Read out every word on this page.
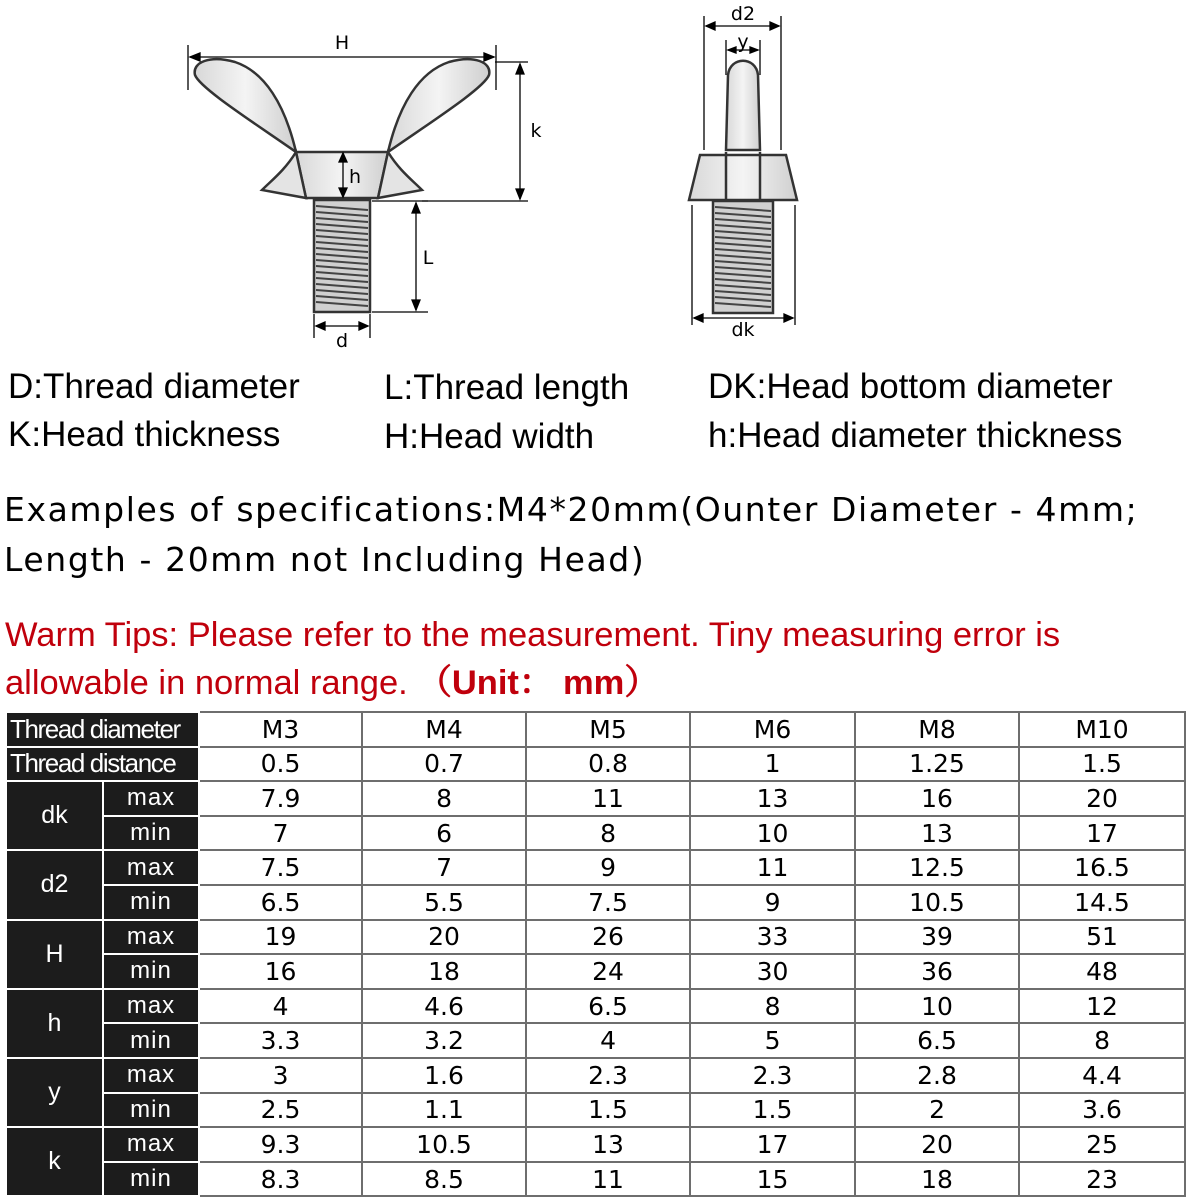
H
k
h
L
d
d2
y
dk
D:Thread diameter
K:Head thickness
L:Thread length
H:Head width
DK:Head bottom diameter
h:Head diameter thickness
Examples of specifications:M4*20mm(Ounter Diameter - 4mm;
Length - 20mm not Including Head)
Warm Tips: Please refer to the measurement. Tiny measuring error is
allowable in normal range. （Unit： mm）
Thread diameter		M3	M4	M5	M6	M8	M10
Thread distance		0.5	0.7	0.8	1	1.25	1.5
dk	max	7.9	8	11	13	16	20
	min	7	6	8	10	13	17
d2	max	7.5	7	9	11	12.5	16.5
	min	6.5	5.5	7.5	9	10.5	14.5
H	max	19	20	26	33	39	51
	min	16	18	24	30	36	48
h	max	4	4.6	6.5	8	10	12
	min	3.3	3.2	4	5	6.5	8
y	max	3	1.6	2.3	2.3	2.8	4.4
	min	2.5	1.1	1.5	1.5	2	3.6
k	max	9.3	10.5	13	17	20	25
	min	8.3	8.5	11	15	18	23
